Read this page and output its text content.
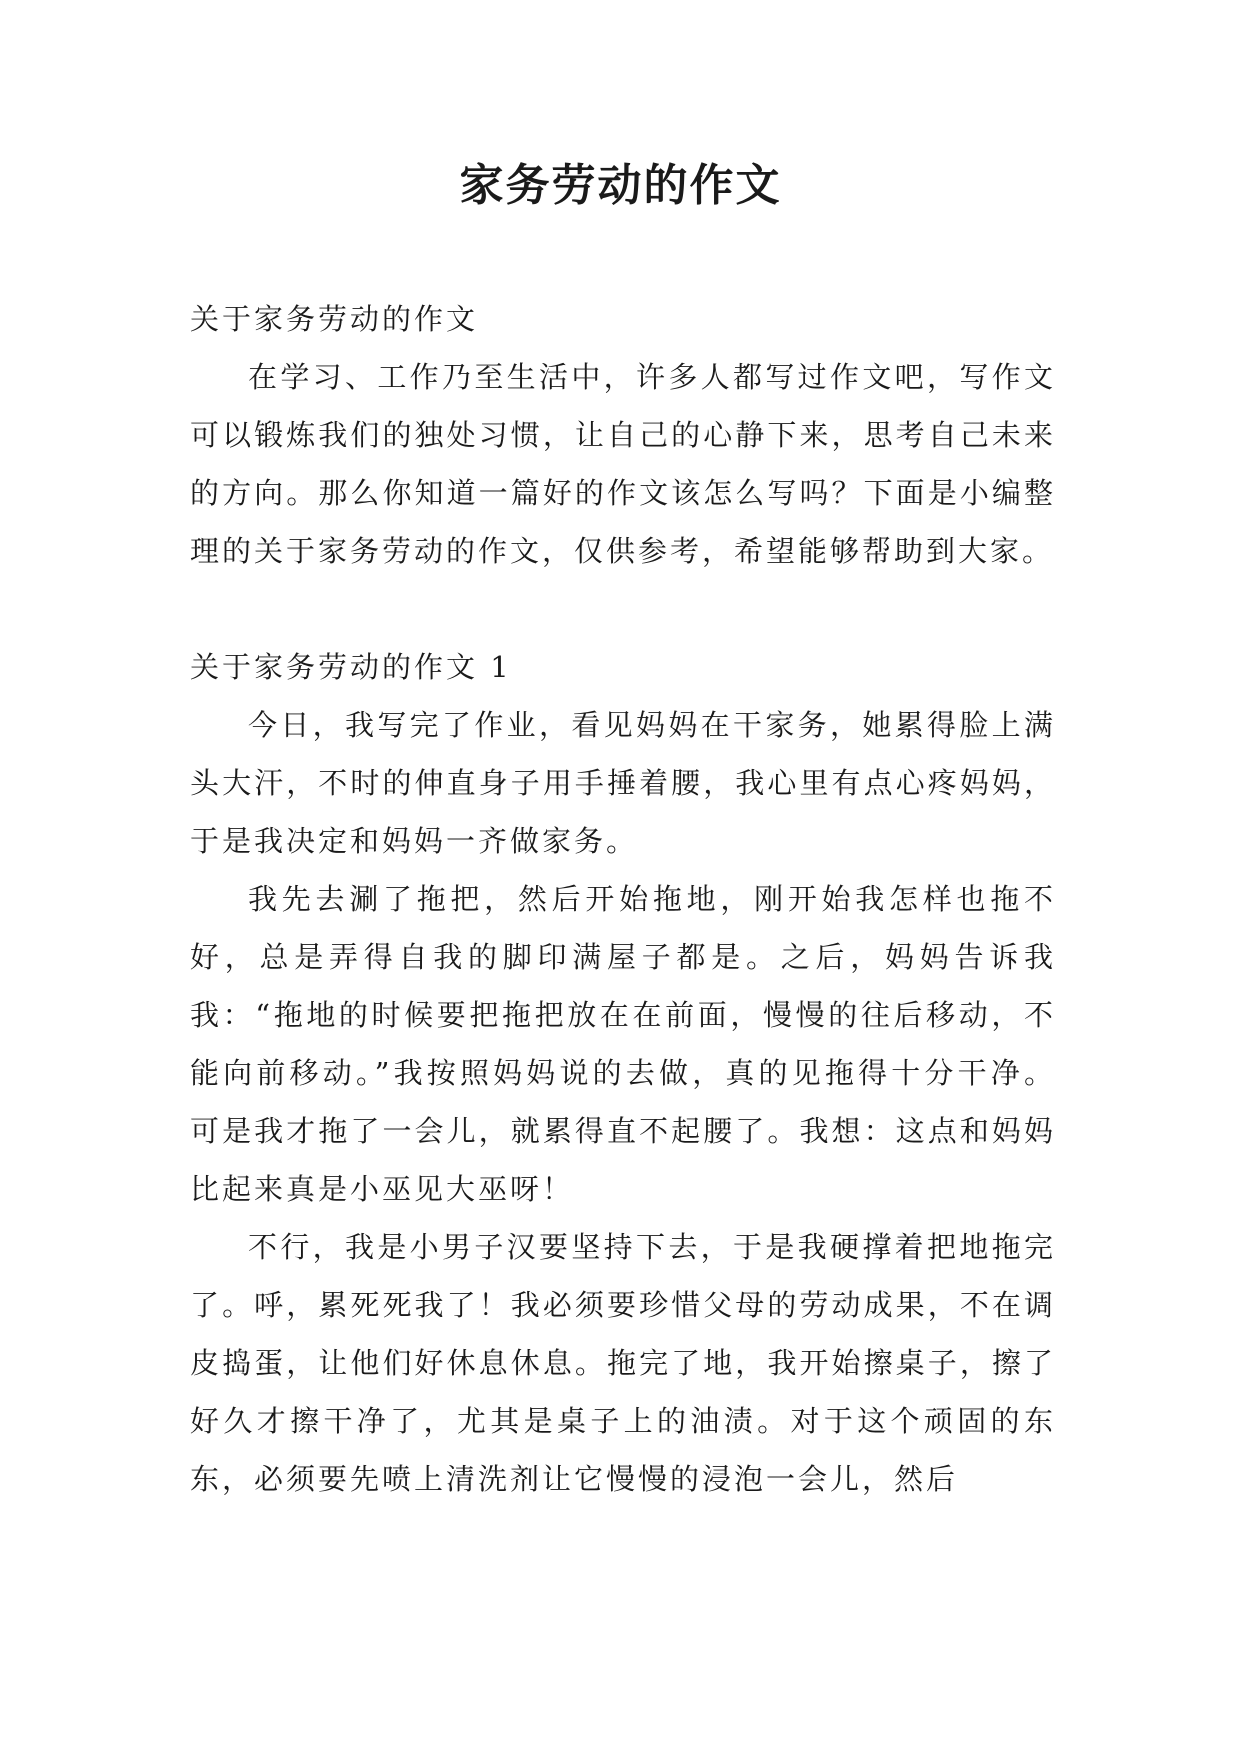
家务劳动的作文

关于家务劳动的作文

在学习、工作乃至生活中，许多人都写过作文吧，写作文可以锻炼我们的独处习惯，让自己的心静下来，思考自己未来的方向。那么你知道一篇好的作文该怎么写吗？下面是小编整理的关于家务劳动的作文，仅供参考，希望能够帮助到大家。

关于家务劳动的作文 1

今日，我写完了作业，看见妈妈在干家务，她累得脸上满头大汗，不时的伸直身子用手捶着腰，我心里有点心疼妈妈，于是我决定和妈妈一齐做家务。

我先去涮了拖把，然后开始拖地，刚开始我怎样也拖不好，总是弄得自我的脚印满屋子都是。之后，妈妈告诉我我：“拖地的时候要把拖把放在在前面，慢慢的往后移动，不能向前移动。”我按照妈妈说的去做，真的见拖得十分干净。可是我才拖了一会儿，就累得直不起腰了。我想：这点和妈妈比起来真是小巫见大巫呀！

不行，我是小男子汉要坚持下去，于是我硬撑着把地拖完了。呼，累死死我了！我必须要珍惜父母的劳动成果，不在调皮捣蛋，让他们好休息休息。拖完了地，我开始擦桌子，擦了好久才擦干净了，尤其是桌子上的油渍。对于这个顽固的东东，必须要先喷上清洗剂让它慢慢的浸泡一会儿，然后
